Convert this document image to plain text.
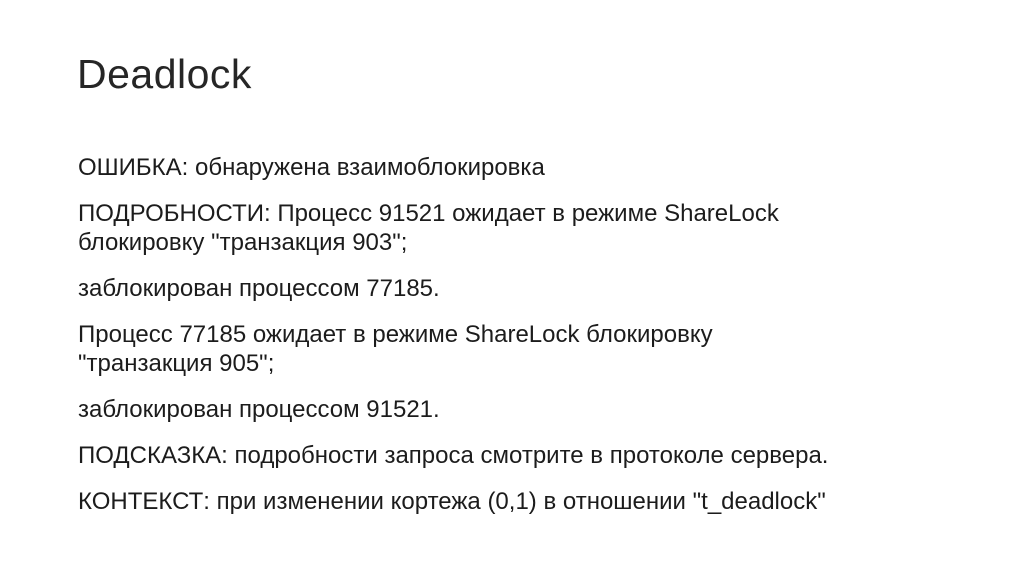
Deadlock

ОШИБКА: обнаружена взаимоблокировка

ПОДРОБНОСТИ: Процесс 91521 ожидает в режиме ShareLock
блокировку "транзакция 903";

заблокирован процессом 77185.

Процесс 77185 ожидает в режиме ShareLock блокировку
"транзакция 905";

заблокирован процессом 91521.

ПОДСКАЗКА: подробности запроса смотрите в протоколе сервера.

КОНТЕКСТ: при изменении кортежа (0,1) в отношении "t_deadlock"
